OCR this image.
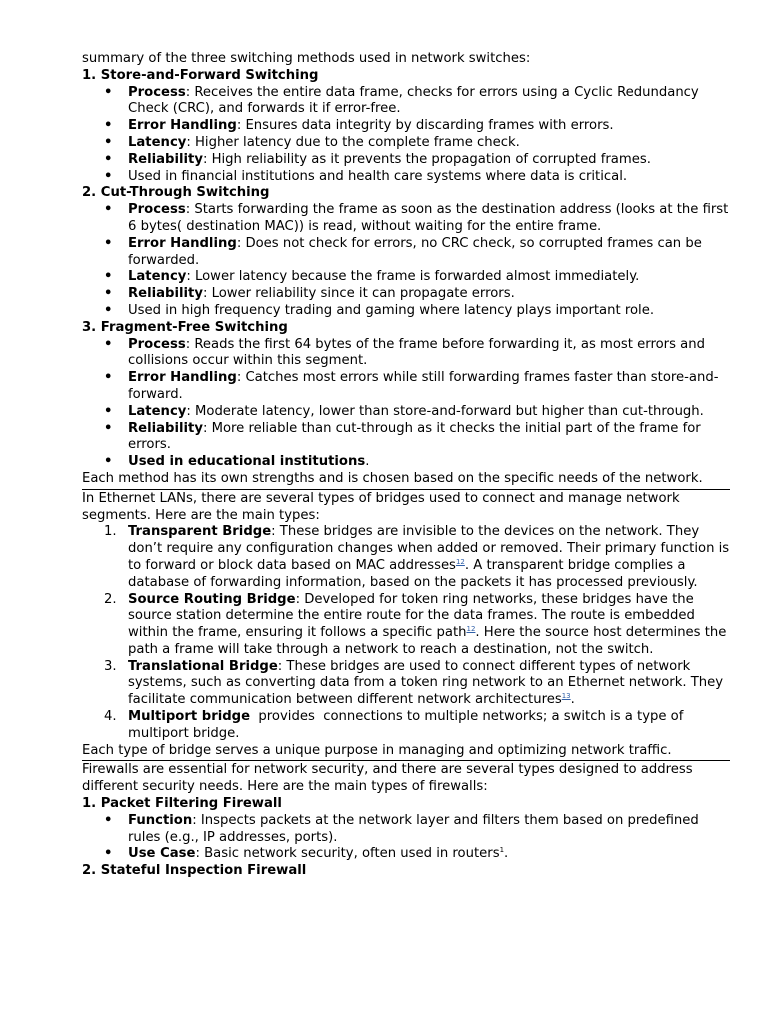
summary of the three switching methods used in network switches:

1. Store-and-Forward Switching
• Process: Receives the entire data frame, checks for errors using a Cyclic Redundancy Check (CRC), and forwards it if error-free.
• Error Handling: Ensures data integrity by discarding frames with errors.
• Latency: Higher latency due to the complete frame check.
• Reliability: High reliability as it prevents the propagation of corrupted frames.
• Used in financial institutions and health care systems where data is critical.
2. Cut-Through Switching
• Process: Starts forwarding the frame as soon as the destination address (looks at the first 6 bytes( destination MAC)) is read, without waiting for the entire frame.
• Error Handling: Does not check for errors, no CRC check, so corrupted frames can be forwarded.
• Latency: Lower latency because the frame is forwarded almost immediately.
• Reliability: Lower reliability since it can propagate errors.
• Used in high frequency trading and gaming where latency plays important role.
3. Fragment-Free Switching
• Process: Reads the first 64 bytes of the frame before forwarding it, as most errors and collisions occur within this segment.
• Error Handling: Catches most errors while still forwarding frames faster than store-and-forward.
• Latency: Moderate latency, lower than store-and-forward but higher than cut-through.
• Reliability: More reliable than cut-through as it checks the initial part of the frame for errors.
• Used in educational institutions.

Each method has its own strengths and is chosen based on the specific needs of the network.

In Ethernet LANs, there are several types of bridges used to connect and manage network segments. Here are the main types:

1. Transparent Bridge: These bridges are invisible to the devices on the network. They don’t require any configuration changes when added or removed. Their primary function is to forward or block data based on MAC addresses$^{12}$. A transparent bridge complies a database of forwarding information, based on the packets it has processed previously.
2. Source Routing Bridge: Developed for token ring networks, these bridges have the source station determine the entire route for the data frames. The route is embedded within the frame, ensuring it follows a specific path$^{12}$. Here the source host determines the path a frame will take through a network to reach a destination, not the switch.
3. Translational Bridge: These bridges are used to connect different types of network systems, such as converting data from a token ring network to an Ethernet network. They facilitate communication between different network architectures$^{13}$.
4. Multiport bridge  provides  connections to multiple networks; a switch is a type of multiport bridge.

Each type of bridge serves a unique purpose in managing and optimizing network traffic.

Firewalls are essential for network security, and there are several types designed to address different security needs. Here are the main types of firewalls:

1. Packet Filtering Firewall
• Function: Inspects packets at the network layer and filters them based on predefined rules (e.g., IP addresses, ports).
• Use Case: Basic network security, often used in routers$^1$.
2. Stateful Inspection Firewall
